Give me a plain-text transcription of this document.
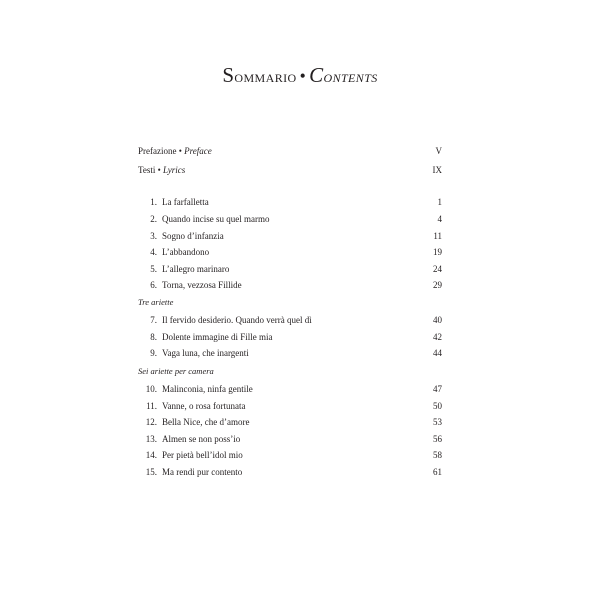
Sommario • Contents
Prefazione • Preface	V
Testi • Lyrics	IX
1. La farfalletta	1
2. Quando incise su quel marmo	4
3. Sogno d’infanzia	11
4. L’abbandono	19
5. L’allegro marinaro	24
6. Torna, vezzosa Fillide	29
Tre ariette
7. Il fervido desiderio. Quando verrà quel dì	40
8. Dolente immagine di Fille mia	42
9. Vaga luna, che inargenti	44
Sei ariette per camera
10. Malinconia, ninfa gentile	47
11. Vanne, o rosa fortunata	50
12. Bella Nice, che d’amore	53
13. Almen se non poss’io	56
14. Per pietà bell’idol mio	58
15. Ma rendi pur contento	61
